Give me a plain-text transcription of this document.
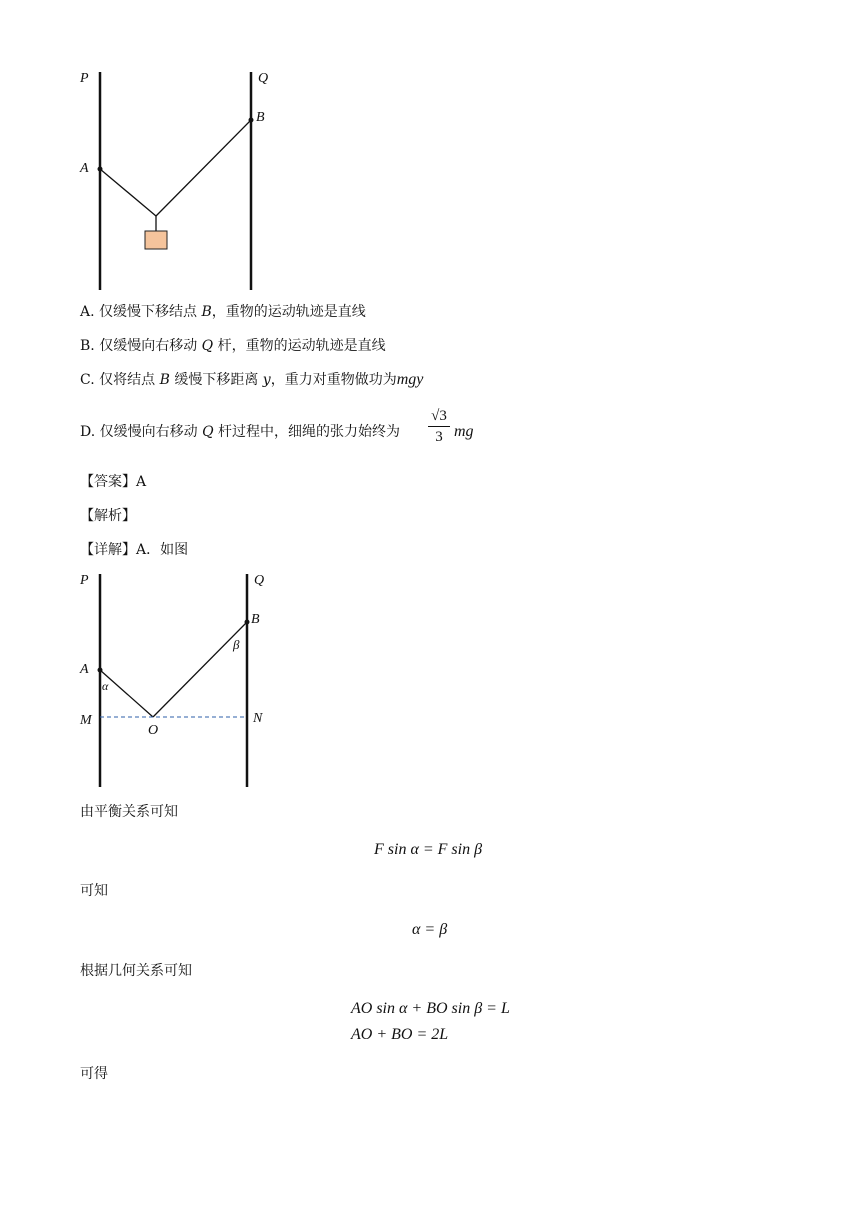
P	Q
A
B
A. 仅缓慢下移结点 B，重物的运动轨迹是直线
B. 仅缓慢向右移动 Q 杆，重物的运动轨迹是直线
C. 仅将结点 B 缓慢下移距离 y，重力对重物做功为mgy
D. 仅缓慢向右移动 Q 杆过程中，细绳的张力始终为
√3
3 mg
【答案】A
【解析】
【详解】A．如图
P	Q
A
B
M	N
O
α
β
由平衡关系可知
F sin α = F sin β
可知
α = β
根据几何关系可知
AO sin α + BO sin β = L
AO + BO = 2L
可得
